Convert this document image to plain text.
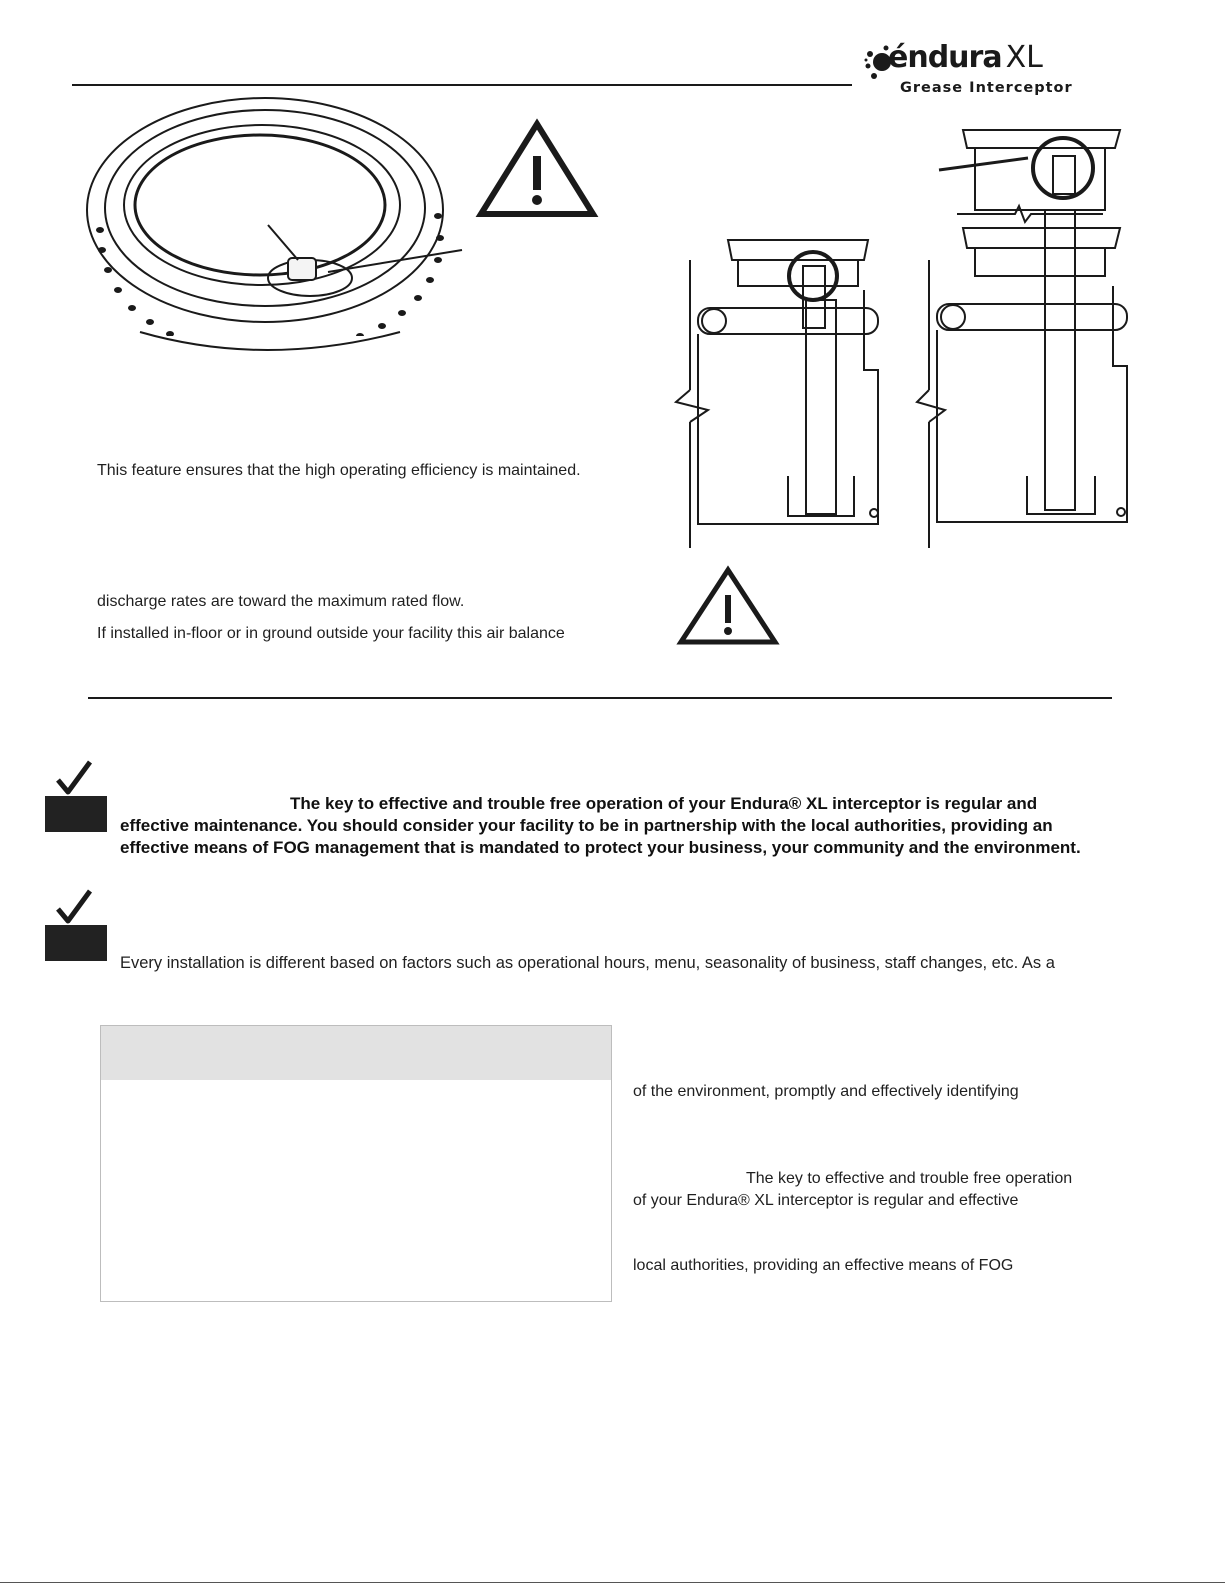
éndura XL
Grease Interceptor
This feature ensures that the high operating efficiency is maintained.
discharge rates are toward the maximum rated flow.
If installed in-floor or in ground outside your facility this air balance
The key to effective and trouble free operation of your Endura® XL interceptor is regular and
effective maintenance. You should consider your facility to be in partnership with the local authorities, providing an
effective means of FOG management that is mandated to protect your business, your community and the environment.
Every installation is different based on factors such as operational hours, menu, seasonality of business, staff changes, etc. As a
of the environment, promptly and effectively identifying
The key to effective and trouble free operation
of your Endura® XL interceptor is regular and effective
local authorities, providing an effective means of FOG
